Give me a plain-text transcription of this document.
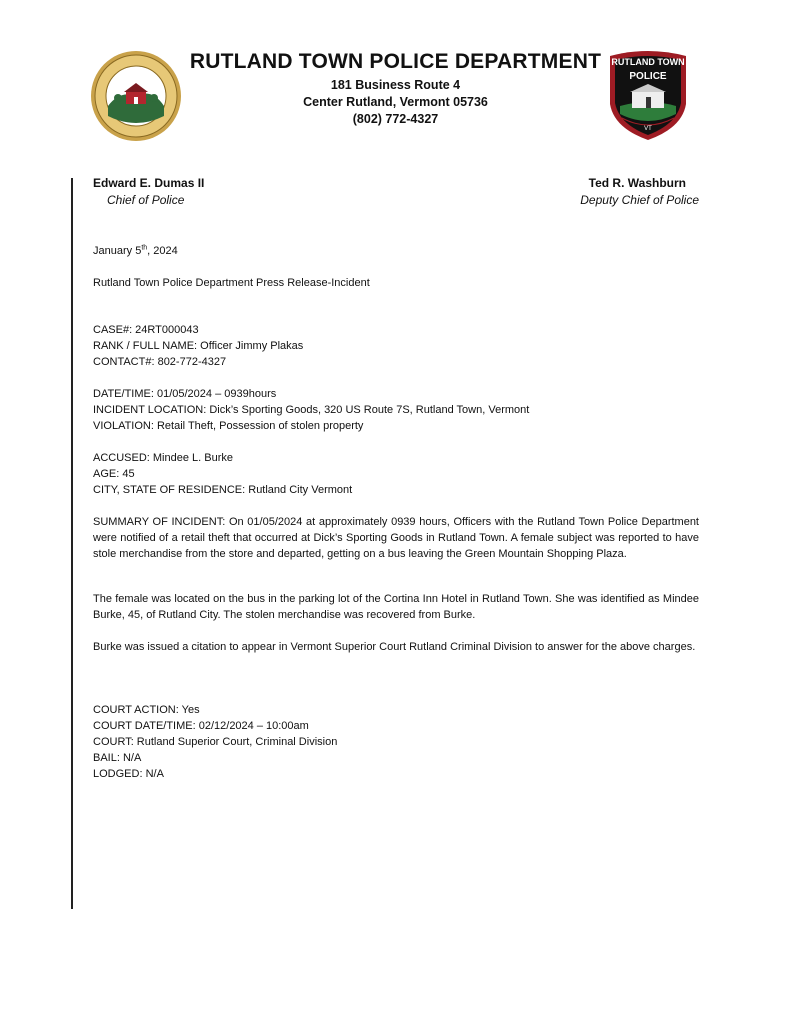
RUTLAND TOWN POLICE DEPARTMENT
181 Business Route 4
Center Rutland, Vermont 05736
(802) 772-4327
RUTLAND TOWN
POLICE
VT
Edward E. Dumas II
Chief of Police
Ted R. Washburn
Deputy Chief of Police
January 5th, 2024
Rutland Town Police Department Press Release-Incident
CASE#: 24RT000043
RANK / FULL NAME: Officer Jimmy Plakas
CONTACT#: 802-772-4327
DATE/TIME: 01/05/2024 – 0939hours
INCIDENT LOCATION: Dick’s Sporting Goods, 320 US Route 7S, Rutland Town, Vermont
VIOLATION: Retail Theft, Possession of stolen property
ACCUSED: Mindee L. Burke
AGE: 45
CITY, STATE OF RESIDENCE: Rutland City Vermont
SUMMARY OF INCIDENT: On 01/05/2024 at approximately 0939 hours, Officers with the Rutland Town Police Department were notified of a retail theft that occurred at Dick’s Sporting Goods in Rutland Town. A female subject was reported to have stole merchandise from the store and departed, getting on a bus leaving the Green Mountain Shopping Plaza.
The female was located on the bus in the parking lot of the Cortina Inn Hotel in Rutland Town. She was identified as Mindee Burke, 45, of Rutland City. The stolen merchandise was recovered from Burke.
Burke was issued a citation to appear in Vermont Superior Court Rutland Criminal Division to answer for the above charges.
COURT ACTION: Yes
COURT DATE/TIME: 02/12/2024 – 10:00am
COURT: Rutland Superior Court, Criminal Division
BAIL: N/A
LODGED: N/A
